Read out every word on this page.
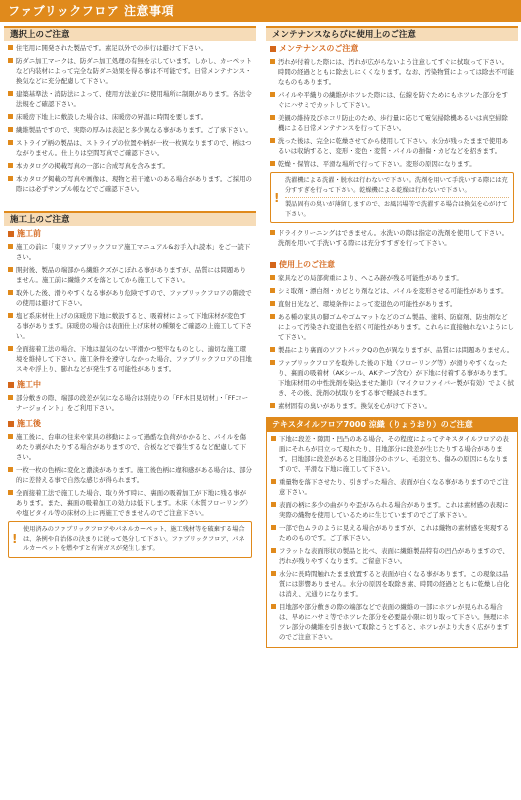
ファブリックフロア 注意事項
選択上のご注意
住宅用に開発された製品です。素足以外での歩行は避けて下さい。
防ダニ加工マークは、防ダニ加工処理の有無を示しています。しかし、カーペットなど内装材によって完全な防ダニ効果を得る事は不可能です。日常メンテナンス・換気などに充分配慮して下さい。
建築基準法・消防法によって、使用方法並びに使用場所に制限があります。各法令法規をご確認下さい。
床暖房下地上に敷設した場合は、床暖房の昇温に時間を要します。
繊維製品ですので、実際の厚みは表記と多少異なる事があります。ご了承下さい。
ストライプ柄の製品は、ストライプの位置や柄が一枚一枚異なりますので、柄はつながりません。仕上りは空間写真でご確認下さい。
本カタログの掲載写真の一部に合成写真を含みます。
本カタログ掲載の写真や画像は、現物と若干違いのある場合があります。ご採用の際には必ずサンプル帳などでご確認下さい。
施工上のご注意
施工前
施工の前に「東リファブリックフロア施工マニュアル&お手入れ読本」をご一読下さい。
開封後、製品の端部から繊維クズがこぼれる事がありますが、品質には問題ありません。施工前に繊維クズを落としてから施工して下さい。
取外した後、滑りやすくなる事があり危険ですので、ファブリックフロアの階段での使用は避けて下さい。
塩ビ系床材仕上げの床暖房下地に敷設すると、吸着材によって下地床材が変色する事があります。床暖房の場合は表面仕上げ床材の種類をご確認の上施工して下さい。
全面接着工法の場合、下地は湿気のない平滑かつ堅牢なものとし、適切な施工環境を維持して下さい。施工条件を遵守しなかった場合、ファブリックフロアの目地スキや浮上り、膨れなどが発生する可能性があります。
施工中
部分敷きの際、端部の段差が気になる場合は別売りの「FF木目見切材」・「FFコーナージョイント」をご利用下さい。
施工後
施工後に、台車の往来や家具の移動によって過酷な負荷がかかると、パイルを傷めたり剥がれたりする場合がありますので、合板などで養生するなど配慮して下さい。
一枚一枚の色柄に変化と濃淡があります。施工後色柄に違和感がある場合は、部分的に差替える事で自然な感じが得られます。
全面接着工法で施工した場合、取り外す時に、裏面の吸着加工が下地に残る事があります。また、裏面の吸着加工の効力は低下します。木床（木質フローリング）や塩ビタイル等の床材の上に再施工できませんのでご注意下さい。
!

使用済みのファブリックフロアやパネルカーペット、施工残材等を破棄する場合は、条例や自治体の決まりに従って処分して下さい。ファブリックフロア、パネルカーペットを燃やすと有害ガスが発生します。

メンテナンスならびに使用上のご注意
メンテナンスのご注意
汚れが付着した際には、汚れが広がらないよう注意してすぐに拭取って下さい。時間の経過とともに除去しにくくなります。なお、汚染物質によっては除去不可能なものもあります。
パイルや平織りの繊維がホツレた際には、伝線を防ぐためにもホツレた部分をすぐにハサミでカットして下さい。
美観の維持及びホコリ防止のため、歩行量に応じて電気掃除機あるいは真空掃除機による日常メンテナンスを行って下さい。
洗った後は、完全に乾燥させてから使用して下さい。水分が残ったままで使用あるいは収納すると、変形・変色・変質・パイルの損傷・カビなどを招きます。
乾燥・保管は、平滑な場所で行って下さい。変形の原因になります。
!

洗濯機による洗濯・脱水は行わないで下さい。洗剤を用いて手洗いする際には充分すすぎを行って下さい。乾燥機による乾燥は行わないで下さい。

製品固有の臭いが薄留しますので、お風呂場等で洗濯する場合は換気を心がけて下さい。

ドライクリーニングはできません。水洗いの際は指定の洗剤を使用して下さい。洗剤を用いて手洗いする際には充分すすぎを行って下さい。
使用上のご注意
家具などの局部荷重により、へこみ跡が残る可能性があります。
シミ取剤・漂白剤・カビとり剤などは、パイルを変形させる可能性があります。
直射日光など、環境条件によって変退色の可能性があります。
ある種の家具の脚ゴムやゴムマットなどのゴム製品、塗料、防腐剤、防虫剤などによって汚染され変退色を招く可能性があります。これらに直接触れないようにして下さい。
製品により裏面のソフトパックQの色が異なりますが、品質には問題ありません。
ファブリックフロアを取外した後の下地（フローリング等）が滑りやすくなったり、裏面の吸着材（AKシール、AKテープ含む）が下地に付着する事があります。下地床材用の中性洗剤を染込ませた雑巾（マイクロファイバー製が有効）でよく拭き、その後、洗剤の拭取りをする事で軽減されます。
素材固有の臭いがあります。換気を心がけて下さい。
テキスタイルフロア7000 涼織（りょうおり）のご注意
下地に段差・隙間・凹凸のある場合、その程度によってテキスタイルフロアの表面にそれらが目立って現れたり、目地部分に段差が生じたりする場合があります。目地部に段差があると目地部分のホツレ、毛羽立ち、傷みの原因にもなりますので、平滑な下地に施工して下さい。
重量物を落下させたり、引きずった場合、表面が白くなる事がありますのでご注意下さい。
表面の柄に多少の曲がりや歪がみられる場合があります。これは素材感の表現に実際の織物を使用しているために生じていますのでご了承下さい。
一部で色ムラのように見える場合がありますが、これは織物の素材感を実現するためのものです。ご了承下さい。
フラットな表面形状の製品と比べ、表面に繊維製品特有の凹凸がありますので、汚れが残りやすくなります。ご留意下さい。
水分に長時間触れたまま放置すると表面が白くなる事があります。この現象は品質には影響ありません。水分の原因を取除き素、時間の経過とともに乾燥し白化は消え、元通りになります。
目地部や部分敷きの際の端部などで表面の繊維の一部にホツレが見られる場合は、早めにハサミ等でホツレた部分を必要最小限に切り取って下さい。無理にホツレ部分の繊維を引き抜いて取除こうとすると、ホツレがより大きく広がりますのでご注意下さい。
